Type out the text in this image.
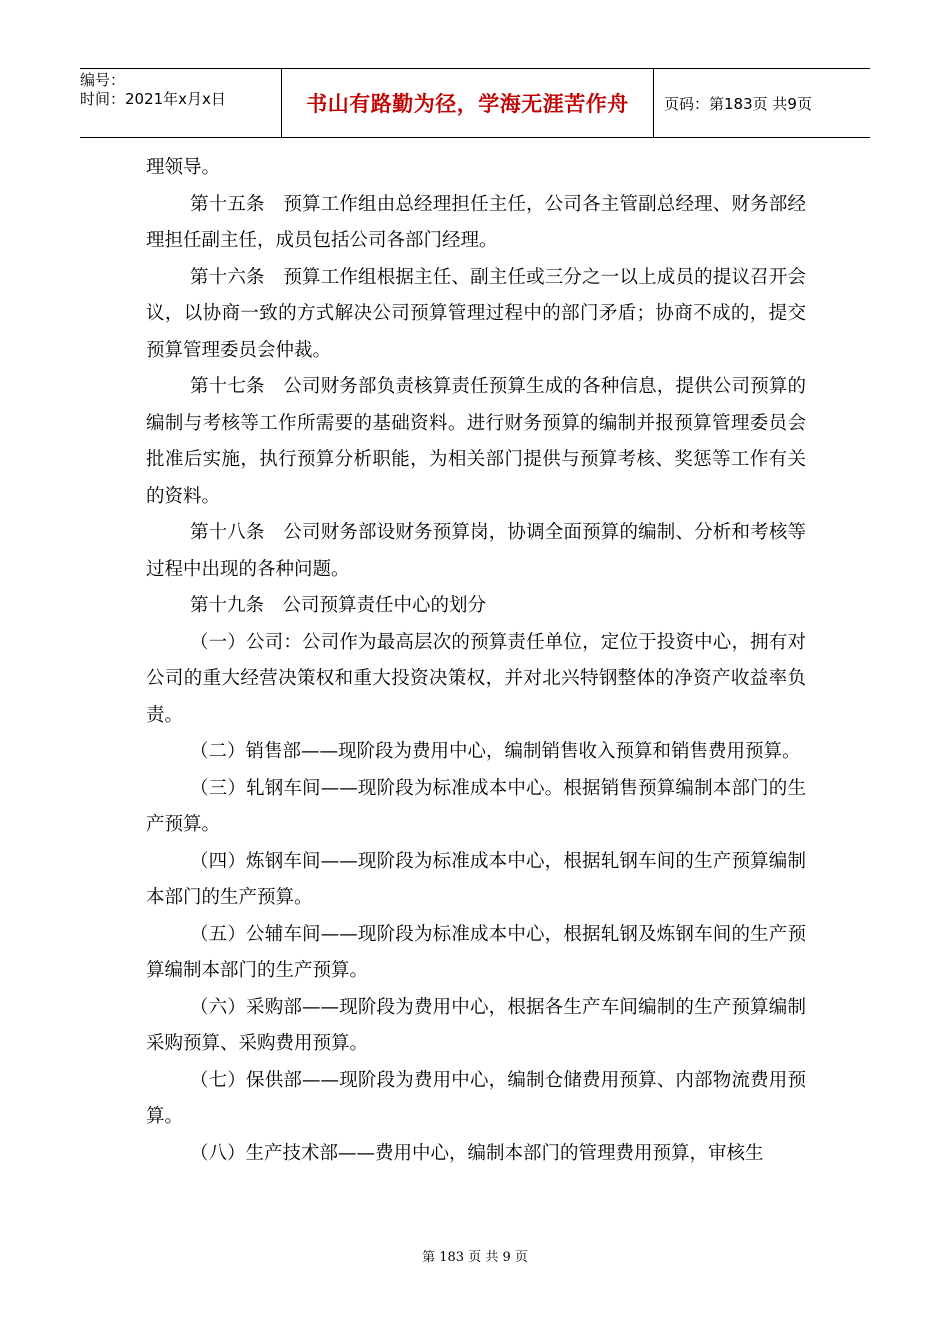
编号：
时间：2021年x月x日	书山有路勤为径，学海无涯苦作舟	页码：第183页 共9页

理领导。

第十五条　预算工作组由总经理担任主任，公司各主管副总经理、财务部经理担任副主任，成员包括公司各部门经理。

第十六条　预算工作组根据主任、副主任或三分之一以上成员的提议召开会议，以协商一致的方式解决公司预算管理过程中的部门矛盾；协商不成的，提交预算管理委员会仲裁。

第十七条　公司财务部负责核算责任预算生成的各种信息，提供公司预算的编制与考核等工作所需要的基础资料。进行财务预算的编制并报预算管理委员会批准后实施，执行预算分析职能，为相关部门提供与预算考核、奖惩等工作有关的资料。

第十八条　公司财务部设财务预算岗，协调全面预算的编制、分析和考核等过程中出现的各种问题。

第十九条　公司预算责任中心的划分

（一）公司：公司作为最高层次的预算责任单位，定位于投资中心，拥有对公司的重大经营决策权和重大投资决策权，并对北兴特钢整体的净资产收益率负责。

（二）销售部——现阶段为费用中心，编制销售收入预算和销售费用预算。

（三）轧钢车间——现阶段为标准成本中心。根据销售预算编制本部门的生产预算。

（四）炼钢车间——现阶段为标准成本中心，根据轧钢车间的生产预算编制本部门的生产预算。

（五）公辅车间——现阶段为标准成本中心，根据轧钢及炼钢车间的生产预算编制本部门的生产预算。

（六）采购部——现阶段为费用中心，根据各生产车间编制的生产预算编制采购预算、采购费用预算。

（七）保供部——现阶段为费用中心，编制仓储费用预算、内部物流费用预算。

（八）生产技术部——费用中心，编制本部门的管理费用预算，审核生

第 183 页 共 9 页
